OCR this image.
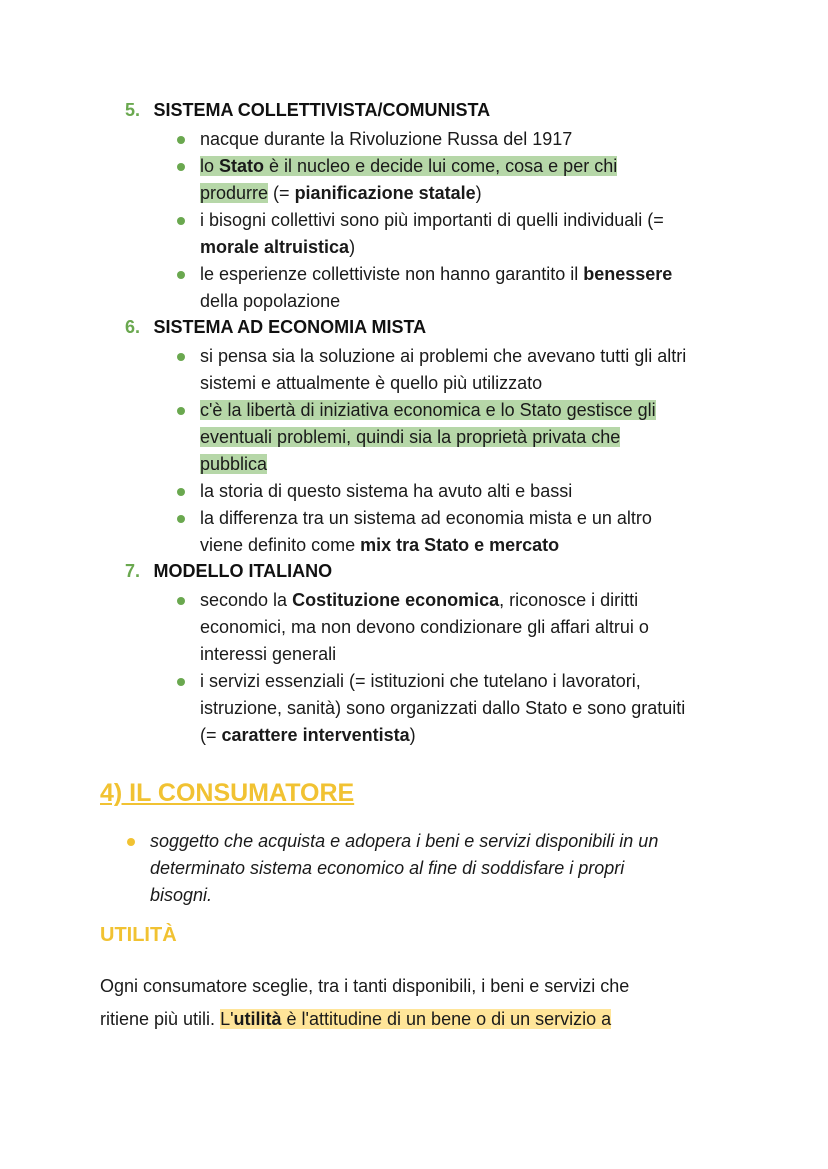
5. SISTEMA COLLETTIVISTA/COMUNISTA
nacque durante la Rivoluzione Russa del 1917
lo Stato è il nucleo e decide lui come, cosa e per chi
produrre (= pianificazione statale)
i bisogni collettivi sono più importanti di quelli individuali (=
morale altruistica)
le esperienze collettiviste non hanno garantito il benessere
della popolazione
6. SISTEMA AD ECONOMIA MISTA
si pensa sia la soluzione ai problemi che avevano tutti gli altri
sistemi e attualmente è quello più utilizzato
c'è la libertà di iniziativa economica e lo Stato gestisce gli
eventuali problemi, quindi sia la proprietà privata che
pubblica
la storia di questo sistema ha avuto alti e bassi
la differenza tra un sistema ad economia mista e un altro
viene definito come mix tra Stato e mercato
7. MODELLO ITALIANO
secondo la Costituzione economica, riconosce i diritti
economici, ma non devono condizionare gli affari altrui o
interessi generali
i servizi essenziali (= istituzioni che tutelano i lavoratori,
istruzione, sanità) sono organizzati dallo Stato e sono gratuiti
(= carattere interventista)
4) IL CONSUMATORE
soggetto che acquista e adopera i beni e servizi disponibili in un
determinato sistema economico al fine di soddisfare i propri
bisogni.
UTILITÀ
Ogni consumatore sceglie, tra i tanti disponibili, i beni e servizi che
ritiene più utili. L'utilità è l'attitudine di un bene o di un servizio a
